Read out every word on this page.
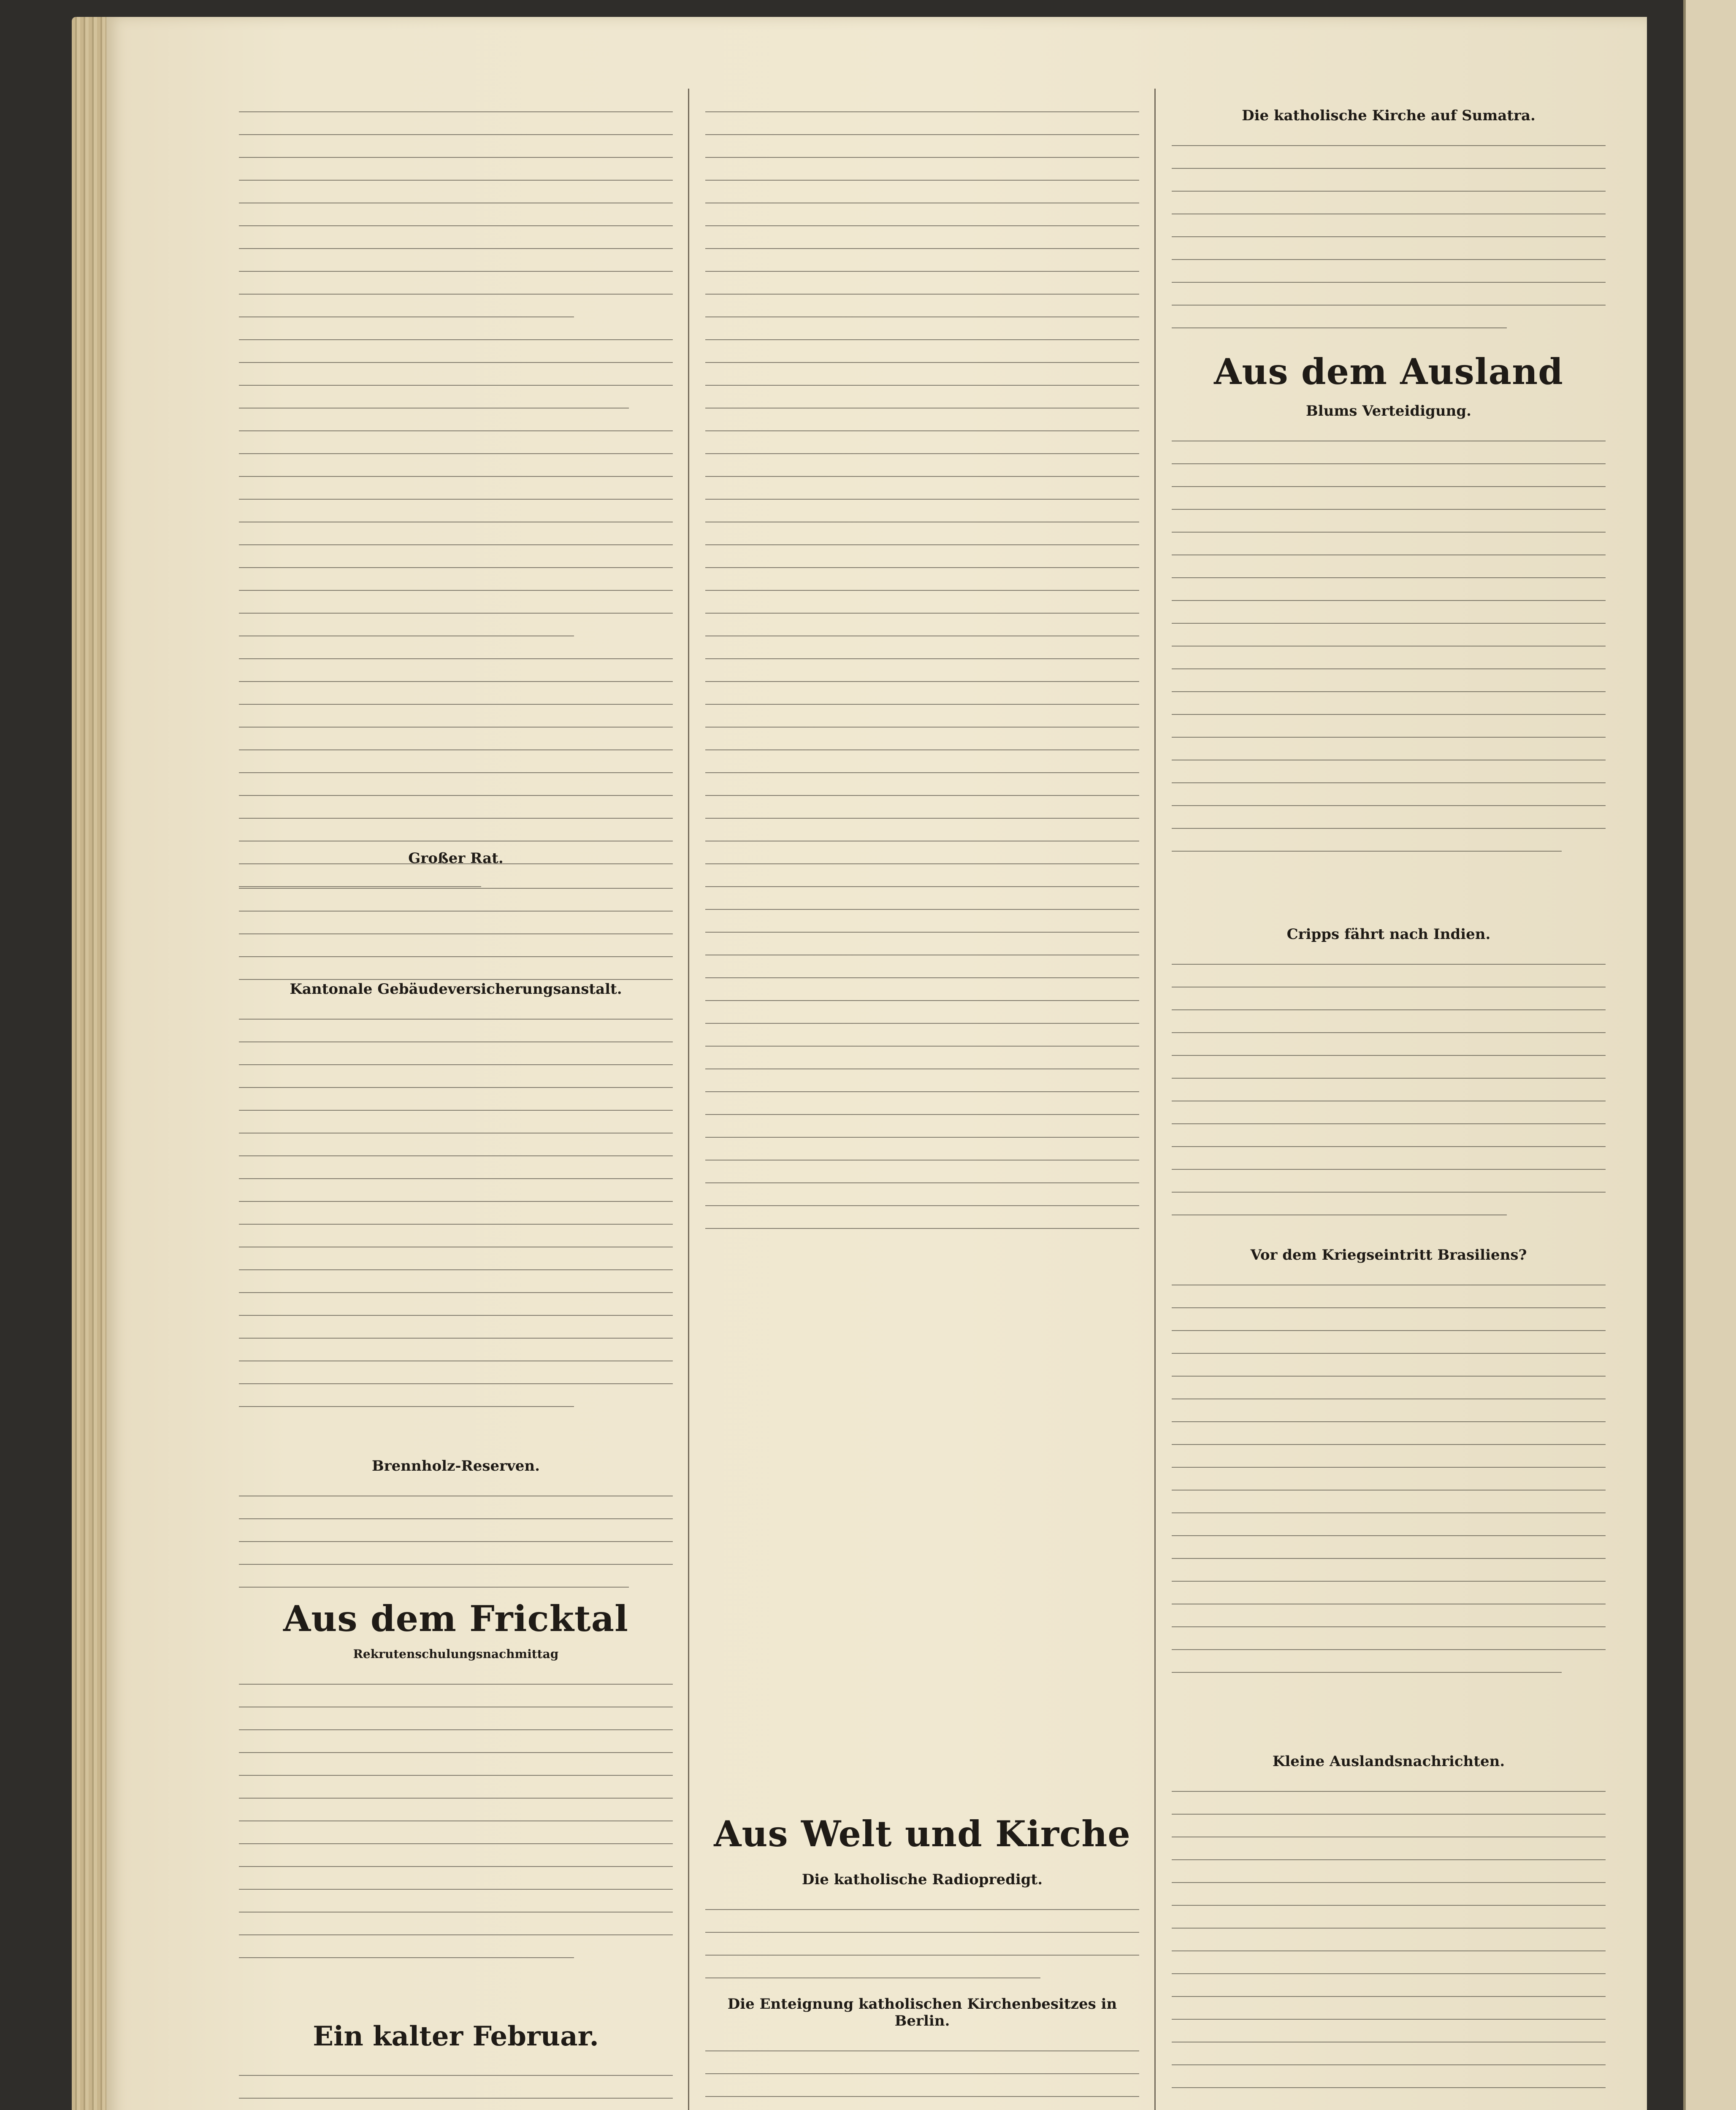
Großer Rat.
Kantonale Gebäudeversicherungsanstalt.
Brennholz-Reserven.
Aus dem Fricktal
Rekrutenschulungsnachmittag
Ein kalter Februar.
Aus Welt und Kirche
Die katholische Radiopredigt.
Die Enteignung katholischen Kirchenbesitzes in Berlin.
Die katholische Kirche auf Sumatra.
Aus dem Ausland
Blums Verteidigung.
Cripps fährt nach Indien.
Vor dem Kriegseintritt Brasiliens?
Kleine Auslandsnachrichten.
